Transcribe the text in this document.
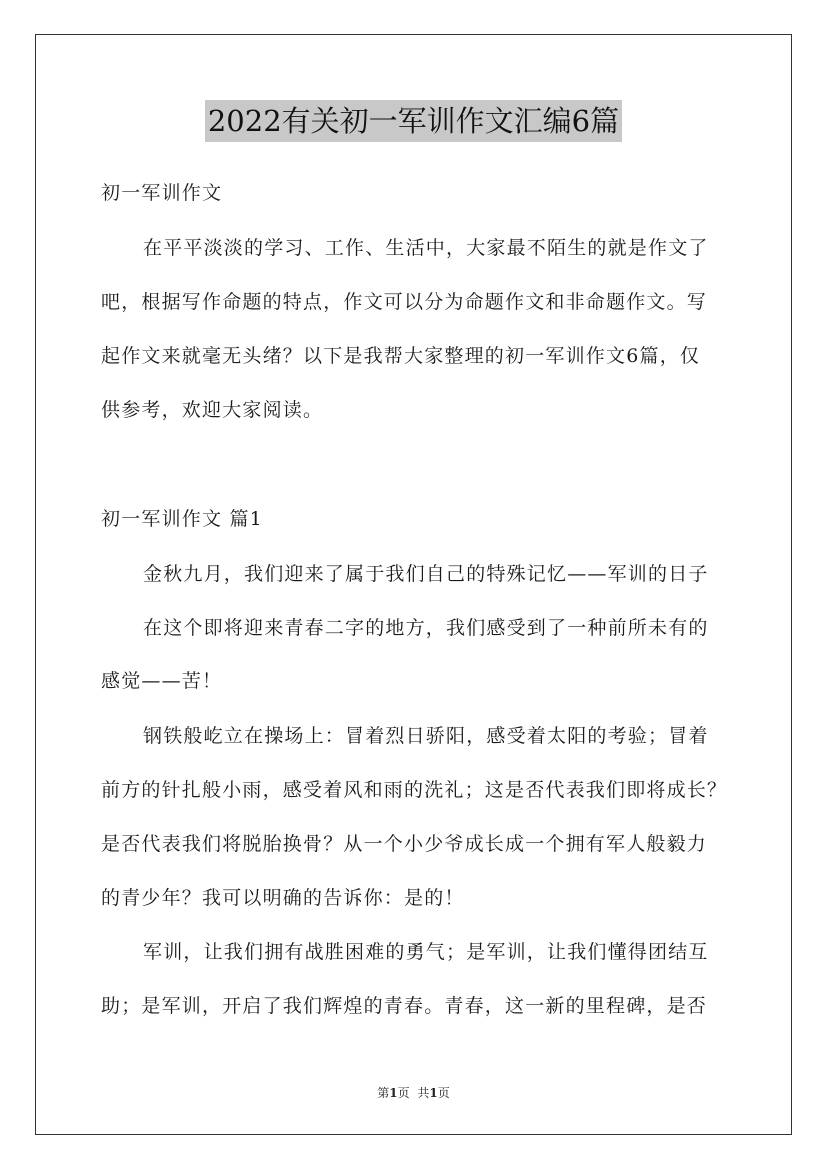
2022有关初一军训作文汇编6篇
初一军训作文
在平平淡淡的学习、工作、生活中，大家最不陌生的就是作文了
吧，根据写作命题的特点，作文可以分为命题作文和非命题作文。写
起作文来就毫无头绪？以下是我帮大家整理的初一军训作文6篇，仅
供参考，欢迎大家阅读。
初一军训作文 篇1
金秋九月，我们迎来了属于我们自己的特殊记忆——军训的日子
在这个即将迎来青春二字的地方，我们感受到了一种前所未有的
感觉——苦！
钢铁般屹立在操场上：冒着烈日骄阳，感受着太阳的考验；冒着
前方的针扎般小雨，感受着风和雨的洗礼；这是否代表我们即将成长？
是否代表我们将脱胎换骨？从一个小少爷成长成一个拥有军人般毅力
的青少年？我可以明确的告诉你：是的！
军训，让我们拥有战胜困难的勇气；是军训，让我们懂得团结互
助；是军训，开启了我们辉煌的青春。青春，这一新的里程碑，是否
第1页 共1页
